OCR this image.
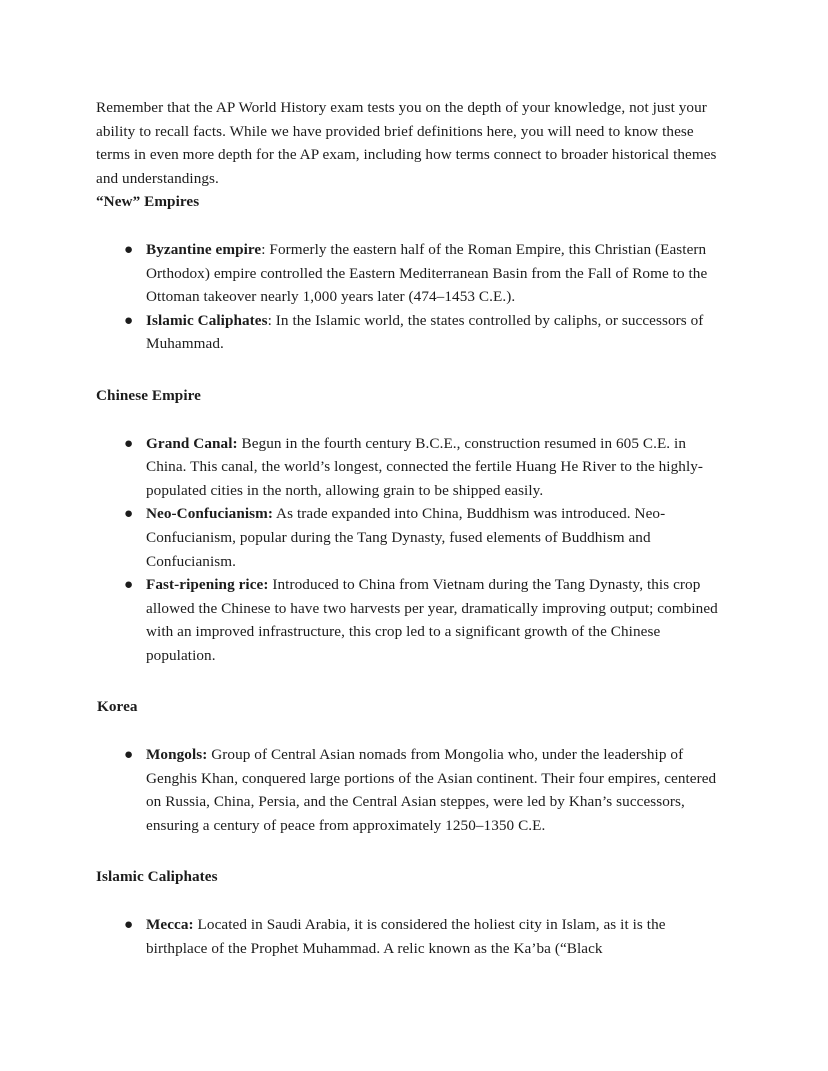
Remember that the AP World History exam tests you on the depth of your knowledge, not just your ability to recall facts. While we have provided brief definitions here, you will need to know these terms in even more depth for the AP exam, including how terms connect to broader historical themes and understandings.

“New” Empires
● Byzantine empire: Formerly the eastern half of the Roman Empire, this Christian (Eastern Orthodox) empire controlled the Eastern Mediterranean Basin from the Fall of Rome to the Ottoman takeover nearly 1,000 years later (474–1453 C.E.).
● Islamic Caliphates: In the Islamic world, the states controlled by caliphs, or successors of Muhammad.
Chinese Empire
● Grand Canal: Begun in the fourth century B.C.E., construction resumed in 605 C.E. in China. This canal, the world’s longest, connected the fertile Huang He River to the highly-populated cities in the north, allowing grain to be shipped easily.
● Neo-Confucianism: As trade expanded into China, Buddhism was introduced. Neo-Confucianism, popular during the Tang Dynasty, fused elements of Buddhism and Confucianism.
● Fast-ripening rice: Introduced to China from Vietnam during the Tang Dynasty, this crop allowed the Chinese to have two harvests per year, dramatically improving output; combined with an improved infrastructure, this crop led to a significant growth of the Chinese population.
Korea
● Mongols: Group of Central Asian nomads from Mongolia who, under the leadership of Genghis Khan, conquered large portions of the Asian continent. Their four empires, centered on Russia, China, Persia, and the Central Asian steppes, were led by Khan’s successors, ensuring a century of peace from approximately 1250–1350 C.E.
Islamic Caliphates
● Mecca: Located in Saudi Arabia, it is considered the holiest city in Islam, as it is the birthplace of the Prophet Muhammad. A relic known as the Ka’ba (“Black
